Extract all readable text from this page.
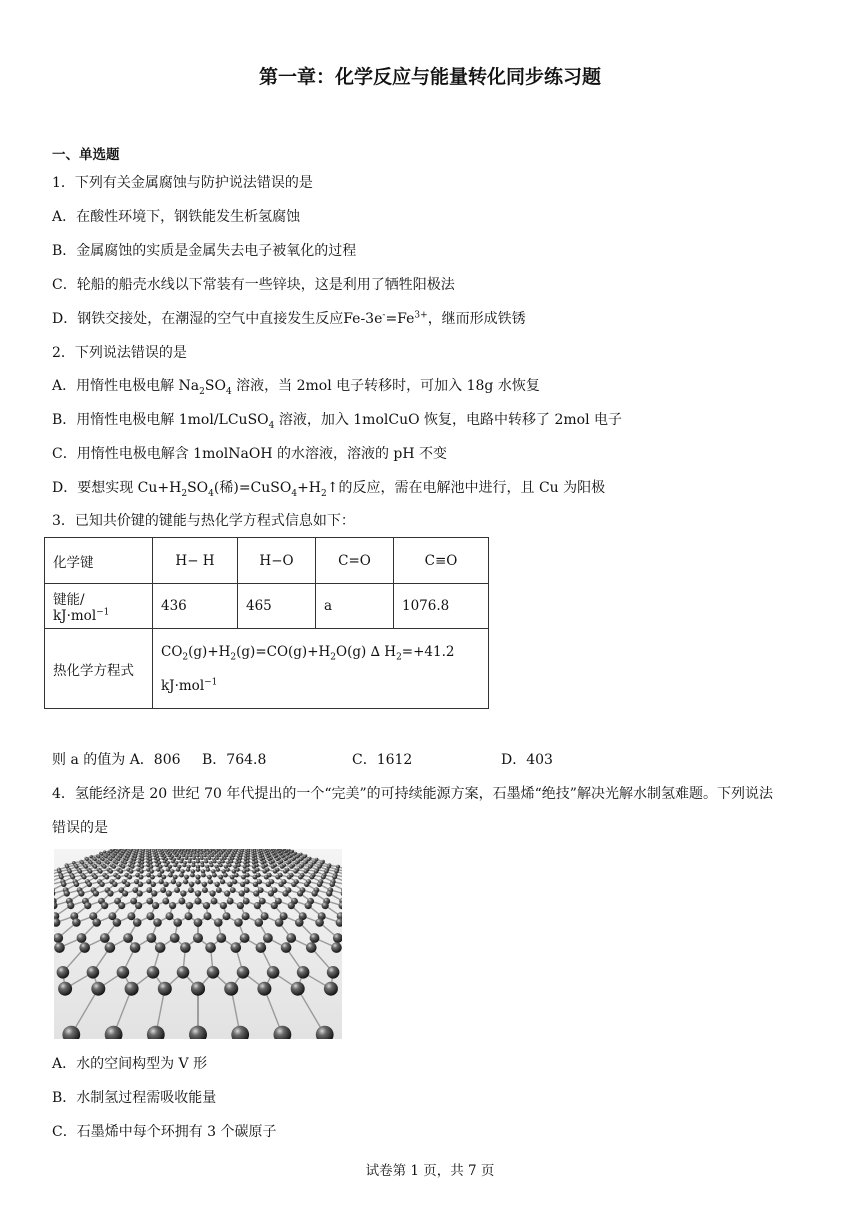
第一章：化学反应与能量转化同步练习题
一、单选题
1．下列有关金属腐蚀与防护说法错误的是
A．在酸性环境下，钢铁能发生析氢腐蚀
B．金属腐蚀的实质是金属失去电子被氧化的过程
C．轮船的船壳水线以下常装有一些锌块，这是利用了牺牲阳极法
D．钢铁交接处，在潮湿的空气中直接发生反应$Fe-3e^-=Fe^{3+}$，继而形成铁锈
2．下列说法错误的是
A．用惰性电极电解 $Na_2SO_4$ 溶液，当 2mol 电子转移时，可加入 18g 水恢复
B．用惰性电极电解 1mol/LCuSO$_4$ 溶液，加入 1molCuO 恢复，电路中转移了 2mol 电子
C．用惰性电极电解含 1molNaOH 的水溶液，溶液的 pH 不变
D．要想实现 $Cu+H_2SO_4$(稀)$=CuSO_4+H_2↑$的反应，需在电解池中进行，且 Cu 为阳极
3．已知共价键的键能与热化学方程式信息如下：
化学键	H− H	H−O	C=O	C≡O
键能/ kJ·mol$^{-1}$	436	465	a	1076.8
热化学方程式	$CO_2(g)+H_2(g)=CO(g)+H_2O(g)$ ∆ $H_2=+41.2$
kJ·mol$^{-1}$
则 a 的值为 A．806 B．764.8	C．1612	D．403
4．氢能经济是 20 世纪 70 年代提出的一个“完美”的可持续能源方案，石墨烯“绝技”解决光解水制氢难题。下列说法
错误的是
A．水的空间构型为 V 形
B．水制氢过程需吸收能量
C．石墨烯中每个环拥有 3 个碳原子
试卷第 1 页，共 7 页
